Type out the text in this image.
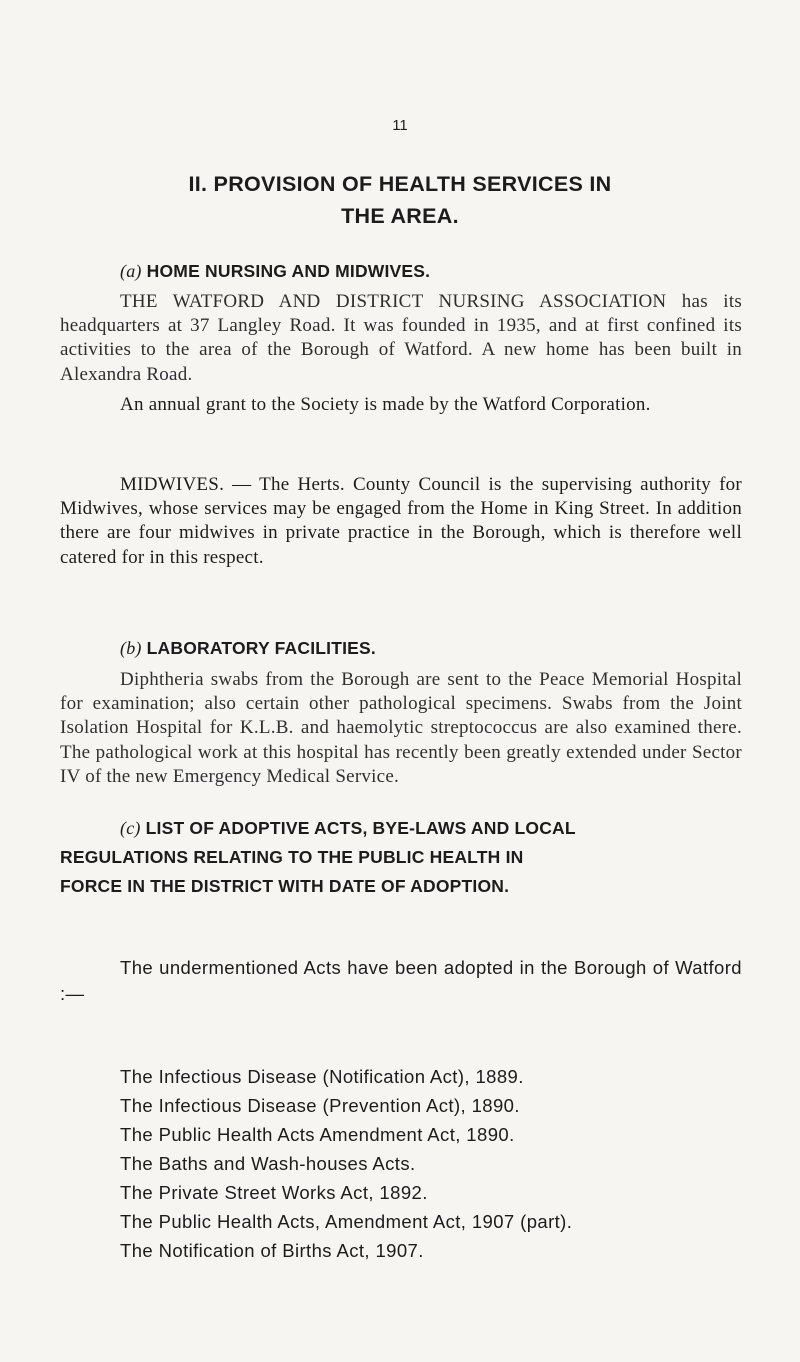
11
II. PROVISION OF HEALTH SERVICES IN
THE AREA.
(a) HOME NURSING AND MIDWIVES.

THE WATFORD AND DISTRICT NURSING ASSOCIATION has its headquarters at 37 Langley Road. It was founded in 1935, and at first confined its activities to the area of the Borough of Watford. A new home has been built in Alexandra Road.

An annual grant to the Society is made by the Watford Corporation.

MIDWIVES. — The Herts. County Council is the supervising authority for Midwives, whose services may be engaged from the Home in King Street. In addition there are four midwives in private practice in the Borough, which is therefore well catered for in this respect.

(b) LABORATORY FACILITIES.

Diphtheria swabs from the Borough are sent to the Peace Memorial Hospital for examination; also certain other pathological specimens. Swabs from the Joint Isolation Hospital for K.L.B. and haemolytic streptococcus are also examined there. The pathological work at this hospital has recently been greatly extended under Sector IV of the new Emergency Medical Service.

(c) LIST OF ADOPTIVE ACTS, BYE-LAWS AND LOCAL
REGULATIONS RELATING TO THE PUBLIC HEALTH IN
FORCE IN THE DISTRICT WITH DATE OF ADOPTION.

The undermentioned Acts have been adopted in the Borough of Watford :—

The Infectious Disease (Notification Act), 1889.
The Infectious Disease (Prevention Act), 1890.
The Public Health Acts Amendment Act, 1890.
The Baths and Wash-houses Acts.
The Private Street Works Act, 1892.
The Public Health Acts, Amendment Act, 1907 (part).
The Notification of Births Act, 1907.
